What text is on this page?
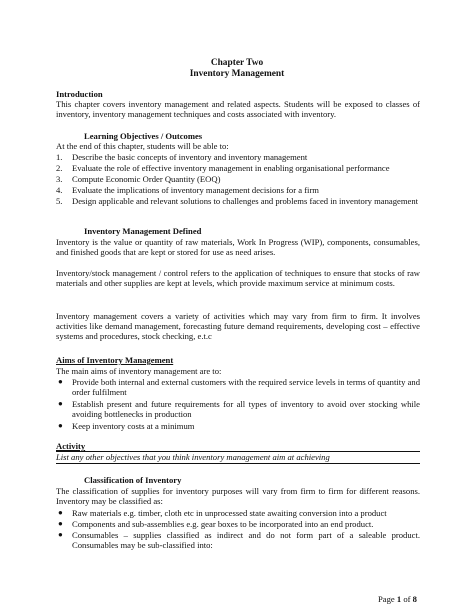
Chapter Two
Inventory Management
Introduction
This chapter covers inventory management and related aspects. Students will be exposed to classes of inventory, inventory management techniques and costs associated with inventory.
Learning Objectives / Outcomes
At the end of this chapter, students will be able to:
1. Describe the basic concepts of inventory and inventory management
2. Evaluate the role of effective inventory management in enabling organisational performance
3. Compute Economic Order Quantity (EOQ)
4. Evaluate the implications of inventory management decisions for a firm
5. Design applicable and relevant solutions to challenges and problems faced in inventory management
Inventory Management Defined
Inventory is the value or quantity of raw materials, Work In Progress (WIP), components, consumables, and finished goods that are kept or stored for use as need arises.
Inventory/stock management / control refers to the application of techniques to ensure that stocks of raw materials and other supplies are kept at levels, which provide maximum service at minimum costs.
Inventory management covers a variety of activities which may vary from firm to firm. It involves activities like demand management, forecasting future demand requirements, developing cost – effective systems and procedures, stock checking, e.t.c
Aims of Inventory Management
The main aims of inventory management are to:
● Provide both internal and external customers with the required service levels in terms of quantity and order fulfilment
● Establish present and future requirements for all types of inventory to avoid over stocking while avoiding bottlenecks in production
● Keep inventory costs at a minimum
Activity
List any other objectives that you think inventory management aim at achieving
Classification of Inventory
The classification of supplies for inventory purposes will vary from firm to firm for different reasons. Inventory may be classified as:
● Raw materials e.g. timber, cloth etc in unprocessed state awaiting conversion into a product
● Components and sub-assemblies e.g. gear boxes to be incorporated into an end product.
● Consumables – supplies classified as indirect and do not form part of a saleable product. Consumables may be sub-classified into:
Page 1 of 8
